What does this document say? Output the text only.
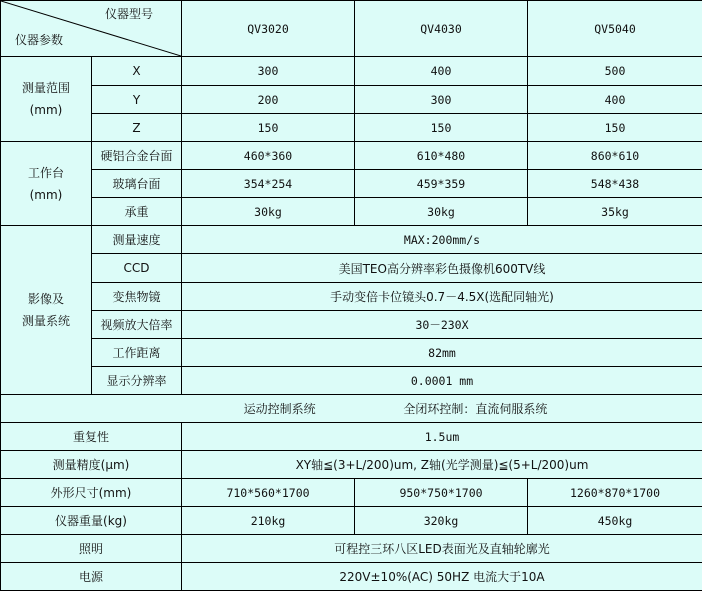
仪器型号
仪器参数		QV3020	QV4030	QV5040

测量范围
(mm)	X	300	400	500
	Y	200	300	400
	Z	150	150	150

工作台
(mm)	硬铝合金台面	460*360	610*480	860*610
	玻璃台面	354*254	459*359	548*438
	承重	30kg	30kg	35kg

影像及
测量系统	测量速度	MAX:200mm/s		
	CCD	美国TEO高分辨率彩色摄像机600TV线		
	变焦物镜	手动变倍卡位镜头0.7－4.5X(选配同轴光)		
	视频放大倍率	30－230X		
	工作距离	82mm		
	显示分辨率	0.0001 mm		
运动控制系统 全闭环控制：直流伺服系统				
重复性		1.5um		
测量精度(μm)		XY轴≦(3+L/200)um, Z轴(光学测量)≦(5+L/200)um		
外形尺寸(mm)		710*560*1700	950*750*1700	1260*870*1700
仪器重量(kg)		210kg	320kg	450kg
照明		可程控三环八区LED表面光及直轴轮廓光		
电源		220V±10%(AC) 50HZ 电流大于10A		
